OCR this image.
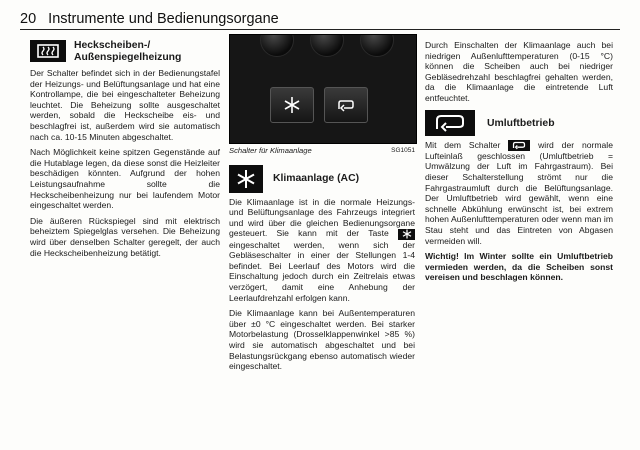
20 Instrumente und Bedienungsorgane
Heckscheiben-/
Außenspiegelheizung

Der Schalter befindet sich in der Bedienungstafel der Heizungs- und Belüftungsanlage und hat eine Kontrollampe, die bei eingeschalteter Beheizung leuchtet. Die Beheizung sollte ausgeschaltet werden, sobald die Heckscheibe eis- und beschlagfrei ist, außerdem wird sie automatisch nach ca. 10-15 Minuten abgeschaltet.

Nach Möglichkeit keine spitzen Gegenstände auf die Hutablage legen, da diese sonst die Heizleiter beschädigen könnten. Aufgrund der hohen Leistungsaufnahme sollte die Heckscheibenheizung nur bei laufendem Motor eingeschaltet werden.

Die äußeren Rückspiegel sind mit elektrisch beheiztem Spiegelglas versehen. Die Beheizung wird über denselben Schalter geregelt, der auch die Heckscheibenheizung betätigt.

Schalter für Klimaanlage	SG1051
Klimaanlage (AC)

Die Klimaanlage ist in die normale Heizungs- und Belüftungsanlage des Fahrzeugs integriert und wird über die gleichen Bedienungsorgane gesteuert. Sie kann mit der Taste
eingeschaltet werden, wenn sich der Gebläseschalter in einer der Stellungen 1-4 befindet. Bei Leerlauf des Motors wird die Einschaltung jedoch durch ein Zeitrelais etwas verzögert, damit eine Anhebung der Leerlaufdrehzahl erfolgen kann.

Die Klimaanlage kann bei Außentemperaturen über ±0 °C eingeschaltet werden. Bei starker Motorbelastung (Drosselklappenwinkel >85 %) wird sie automatisch abgeschaltet und bei Belastungsrückgang ebenso automatisch wieder eingeschaltet.

Durch Einschalten der Klimaanlage auch bei niedrigen Außenlufttemperaturen (0-15 °C) können die Scheiben auch bei niedriger Gebläsedrehzahl beschlagfrei gehalten werden, da die Klimaanlage die eintretende Luft entfeuchtet.

Umluftbetrieb

Mit dem Schalter	wird der normale Lufteinlaß geschlossen (Umluftbetrieb = Umwälzung der Luft im Fahrgastraum). Bei dieser Schalterstellung strömt nur die Fahrgastraumluft durch die Belüftungsanlage. Der Umluftbetrieb wird gewählt, wenn eine schnelle Abkühlung erwünscht ist, bei extrem hohen Außenlufttemperaturen oder wenn man im Stau steht und das Eintreten von Abgasen vermeiden will.

Wichtig! Im Winter sollte ein Umluftbetrieb vermieden werden, da die Scheiben sonst vereisen und beschlagen können.
